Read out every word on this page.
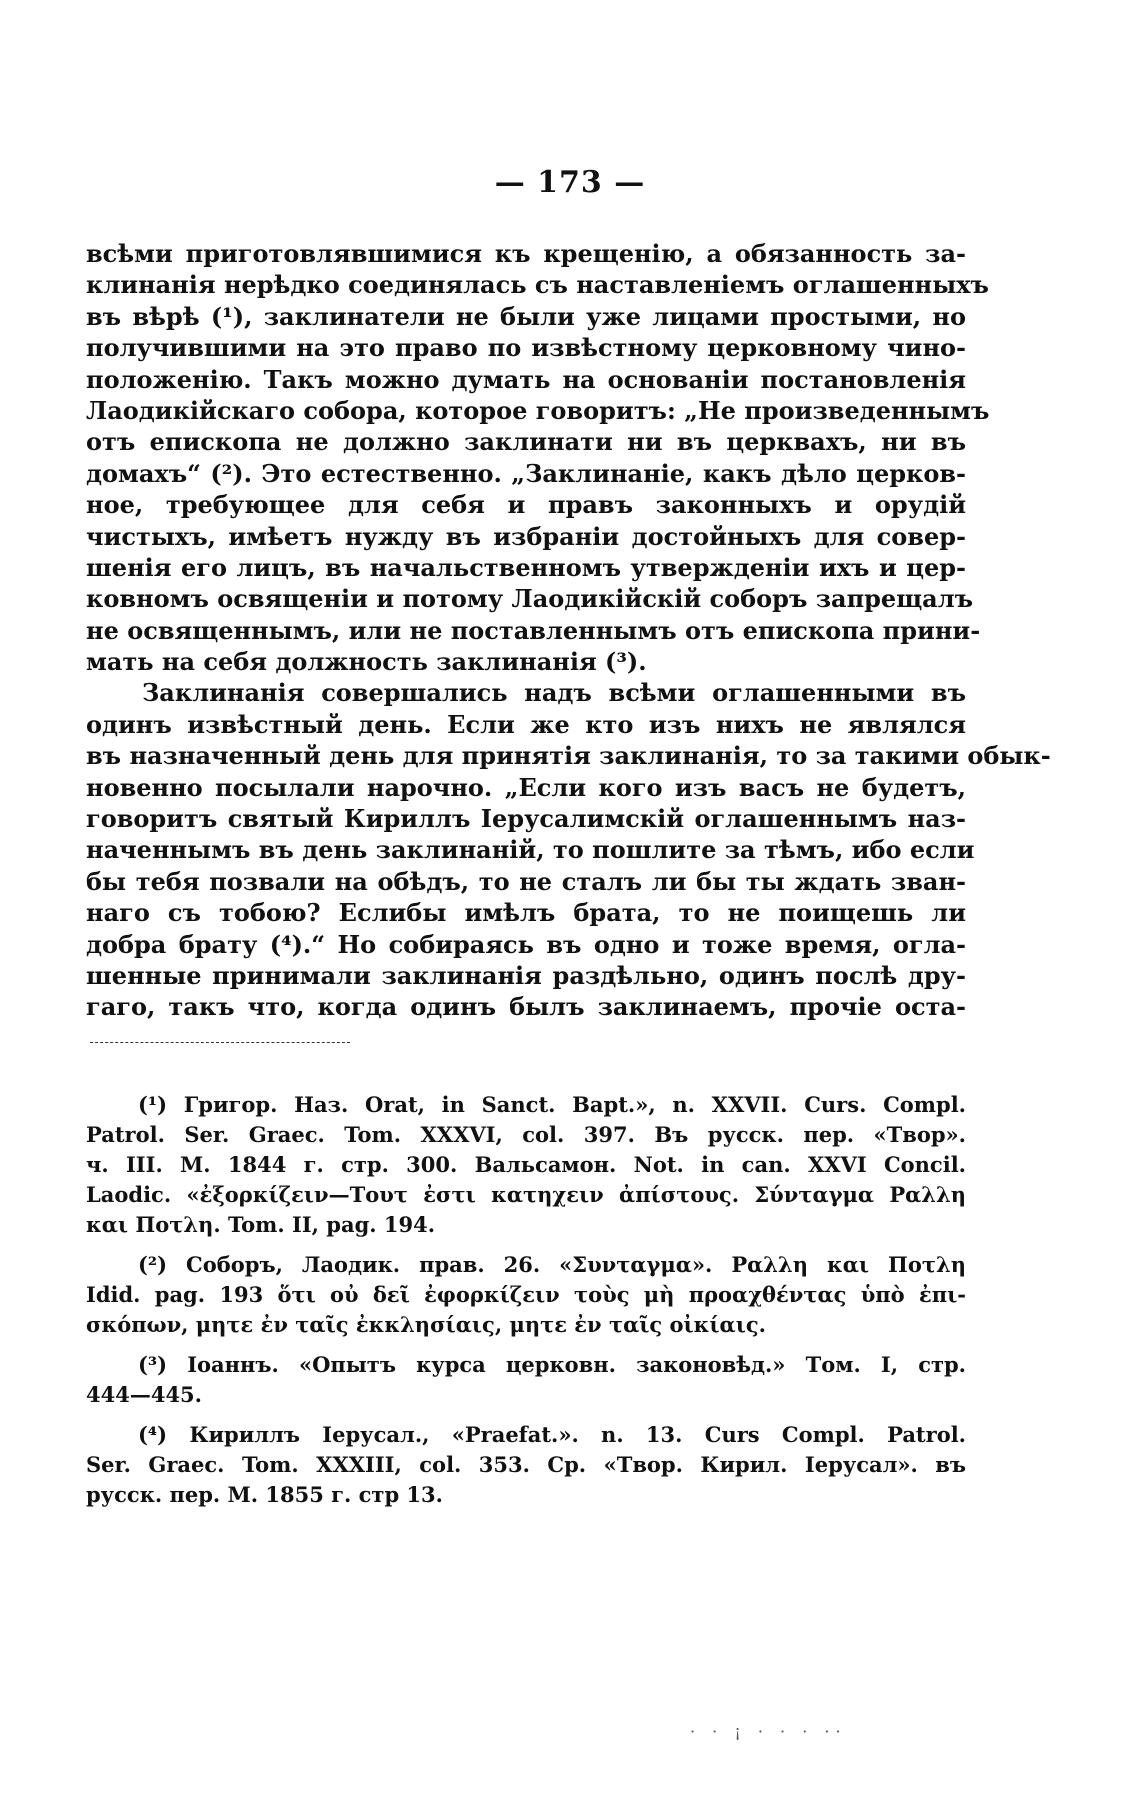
— 173 —
всѣми приготовлявшимися къ крещенію, а обязанность за-
клинанія нерѣдко соединялась съ наставленіемъ оглашенныхъ
въ вѣрѣ (¹), заклинатели не были уже лицами простыми, но
получившими на это право по извѣстному церковному чино-
положенію. Такъ можно думать на основаніи постановленія
Лаодикійскаго собора, которое говоритъ: „Не произведеннымъ
отъ епископа не должно заклинати ни въ церквахъ, ни въ
домахъ“ (²). Это естественно. „Заклинаніе, какъ дѣло церков-
ное, требующее для себя и правъ законныхъ и орудій
чистыхъ, имѣетъ нужду въ избраніи достойныхъ для совер-
шенія его лицъ, въ начальственномъ утвержденіи ихъ и цер-
ковномъ освященіи и потому Лаодикійскій соборъ запрещалъ
не освященнымъ, или не поставленнымъ отъ епископа прини-
мать на себя должность заклинанія (³).
Заклинанія совершались надъ всѣми оглашенными въ
одинъ извѣстный день. Если же кто изъ нихъ не являлся
въ назначенный день для принятія заклинанія, то за такими обык-
новенно посылали нарочно. „Если кого изъ васъ не будетъ,
говоритъ святый Кириллъ Іерусалимскій оглашеннымъ наз-
наченнымъ въ день заклинаній, то пошлите за тѣмъ, ибо если
бы тебя позвали на обѣдъ, то не сталъ ли бы ты ждать зван-
наго съ тобою? Еслибы имѣлъ брата, то не поищешь ли
добра брату (⁴).“ Но собираясь въ одно и тоже время, огла-
шенные принимали заклинанія раздѣльно, одинъ послѣ дру-
гаго, такъ что, когда одинъ былъ заклинаемъ, прочіе оста-
(¹) Григор. Наз. Orat, in Sanct. Bapt.», n. XXVII. Curs. Compl.
Patrol. Ser. Graec. Tom. XXXVI, col. 397. Въ русск. пер. «Твор».
ч. III. М. 1844 г. стр. 300. Вальсамон. Not. in can. XXVI Concil.
Laodic. «ἐξορκίζειν—Τουτ ἐστι κατηχειν ἀπίστους. Σύνταγμα Ραλλη
και Ποτλη. Tom. II, pag. 194.
(²) Соборъ, Лаодик. прав. 26. «Συνταγμα». Ραλλη και Ποτλη
Idid. pag. 193 ὅτι οὐ δεῖ ἐφορκίζειν τοὺς μὴ προαχθέντας ὑπὸ ἐπι-
σκόπων, μητε ἐν ταῖς ἐκκλησίαις, μητε ἐν ταῖς οἰκίαις.
(³) Іоаннъ. «Опытъ курса церковн. законовѣд.» Том. I, стр.
444—445.
(⁴) Кириллъ Іерусал., «Praefat.». n. 13. Curs Compl. Patrol.
Ser. Graec. Tom. XXXIII, col. 353. Ср. «Твор. Кирил. Іерусал». въ
русск. пер. М. 1855 г. стр 13.
· · ¡ · · · ··
